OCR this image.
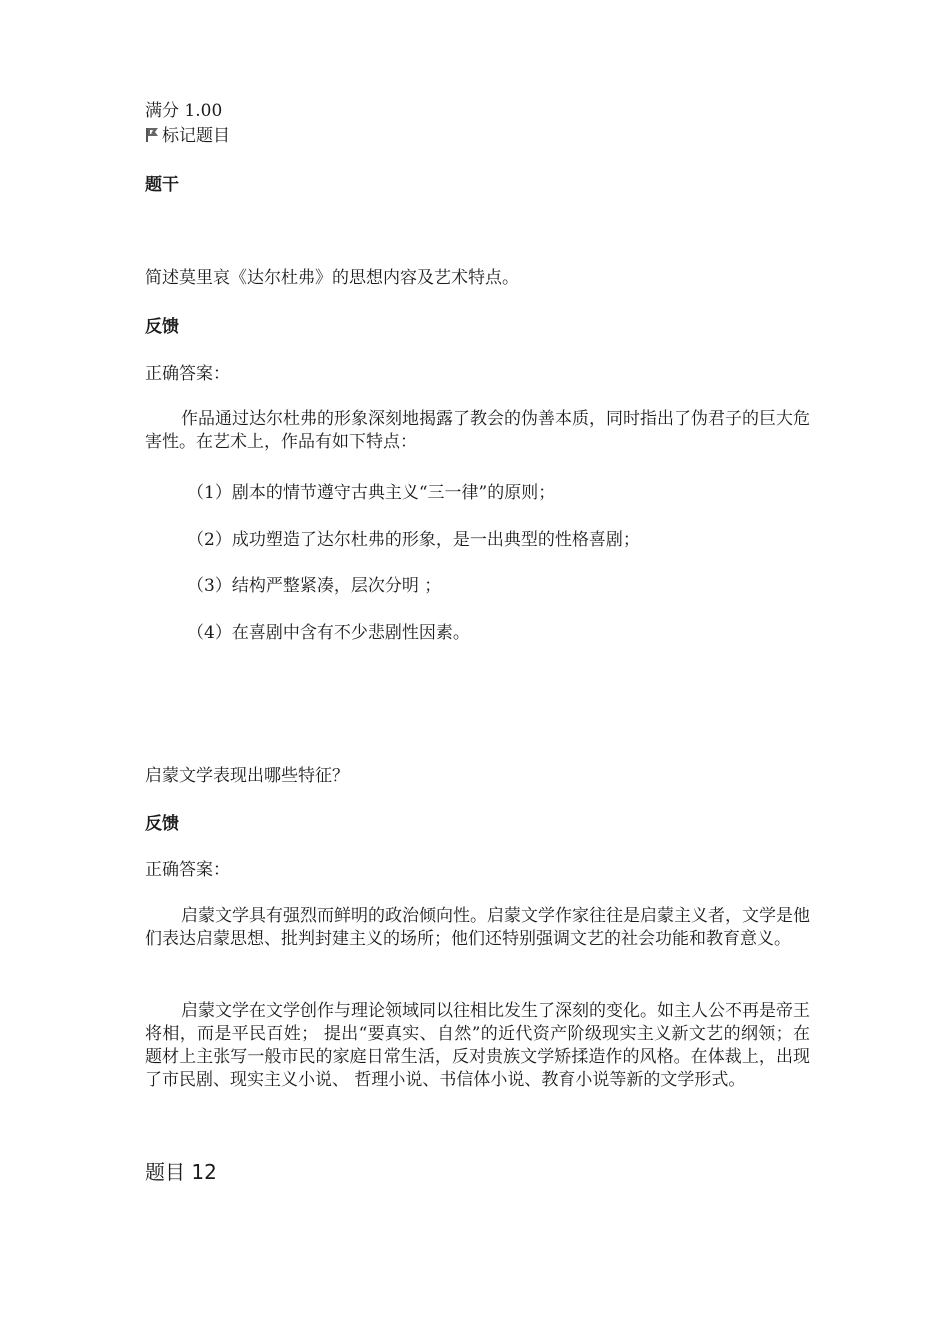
满分 1.00
标记题目
题干
简述莫里哀《达尔杜弗》的思想内容及艺术特点。
反馈
正确答案：
作品通过达尔杜弗的形象深刻地揭露了教会的伪善本质，同时指出了伪君子的巨大危害性。在艺术上，作品有如下特点：
（1）剧本的情节遵守古典主义“三一律”的原则；
（2）成功塑造了达尔杜弗的形象，是一出典型的性格喜剧；
（3）结构严整紧凑，层次分明 ；
（4）在喜剧中含有不少悲剧性因素。
启蒙文学表现出哪些特征？
反馈
正确答案：
启蒙文学具有强烈而鲜明的政治倾向性。启蒙文学作家往往是启蒙主义者，文学是他们表达启蒙思想、批判封建主义的场所；他们还特别强调文艺的社会功能和教育意义。
启蒙文学在文学创作与理论领域同以往相比发生了深刻的变化。如主人公不再是帝王将相，而是平民百姓； 提出“要真实、自然”的近代资产阶级现实主义新文艺的纲领；在题材上主张写一般市民的家庭日常生活，反对贵族文学矫揉造作的风格。在体裁上，出现了市民剧、现实主义小说、 哲理小说、书信体小说、教育小说等新的文学形式。
题目 12
